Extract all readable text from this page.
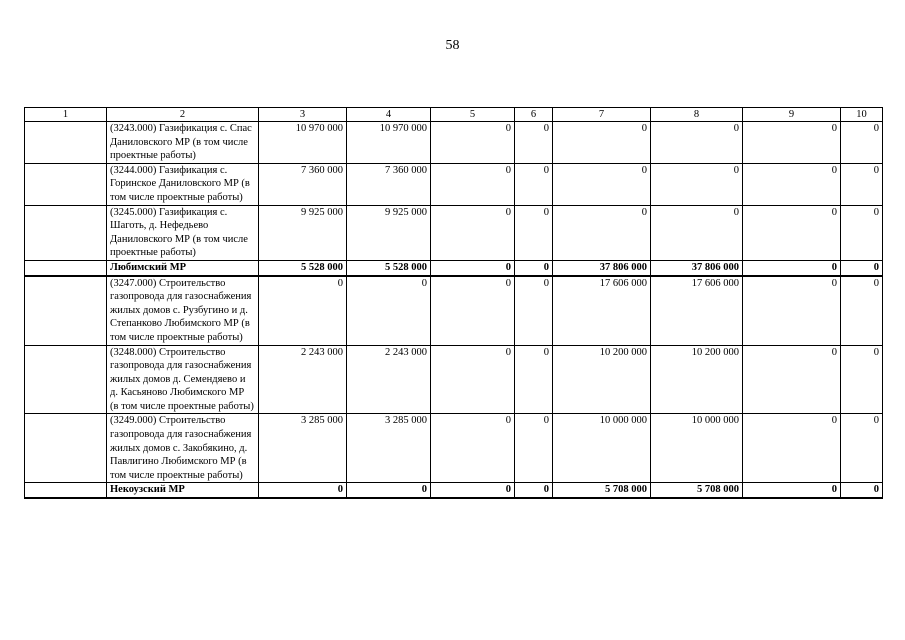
58
1	2	3	4	5	6	7	8	9	10
	(3243.000) Газификация с. Спас Даниловского МР (в том числе проектные работы)	10 970 000	10 970 000	0	0	0	0	0	0
	(3244.000) Газификация с. Горинское Даниловского МР (в том числе проектные работы)	7 360 000	7 360 000	0	0	0	0	0	0
	(3245.000) Газификация с. Шаготь, д. Нефедьево Даниловского МР (в том числе проектные работы)	9 925 000	9 925 000	0	0	0	0	0	0
	Любимский МР	5 528 000	5 528 000	0	0	37 806 000	37 806 000	0	0
	(3247.000) Строительство газопровода для газоснабжения жилых домов с. Рузбугино и д. Степанково Любимского МР (в том числе проектные работы)	0	0	0	0	17 606 000	17 606 000	0	0
	(3248.000) Строительство газопровода для газоснабжения жилых домов д. Семендяево и д. Касьяново Любимского МР (в том числе проектные работы)	2 243 000	2 243 000	0	0	10 200 000	10 200 000	0	0
	(3249.000) Строительство газопровода для газоснабжения жилых домов с. Закобякино, д. Павлигино Любимского МР (в том числе проектные работы)	3 285 000	3 285 000	0	0	10 000 000	10 000 000	0	0
	Некоузский МР	0	0	0	0	5 708 000	5 708 000	0	0
